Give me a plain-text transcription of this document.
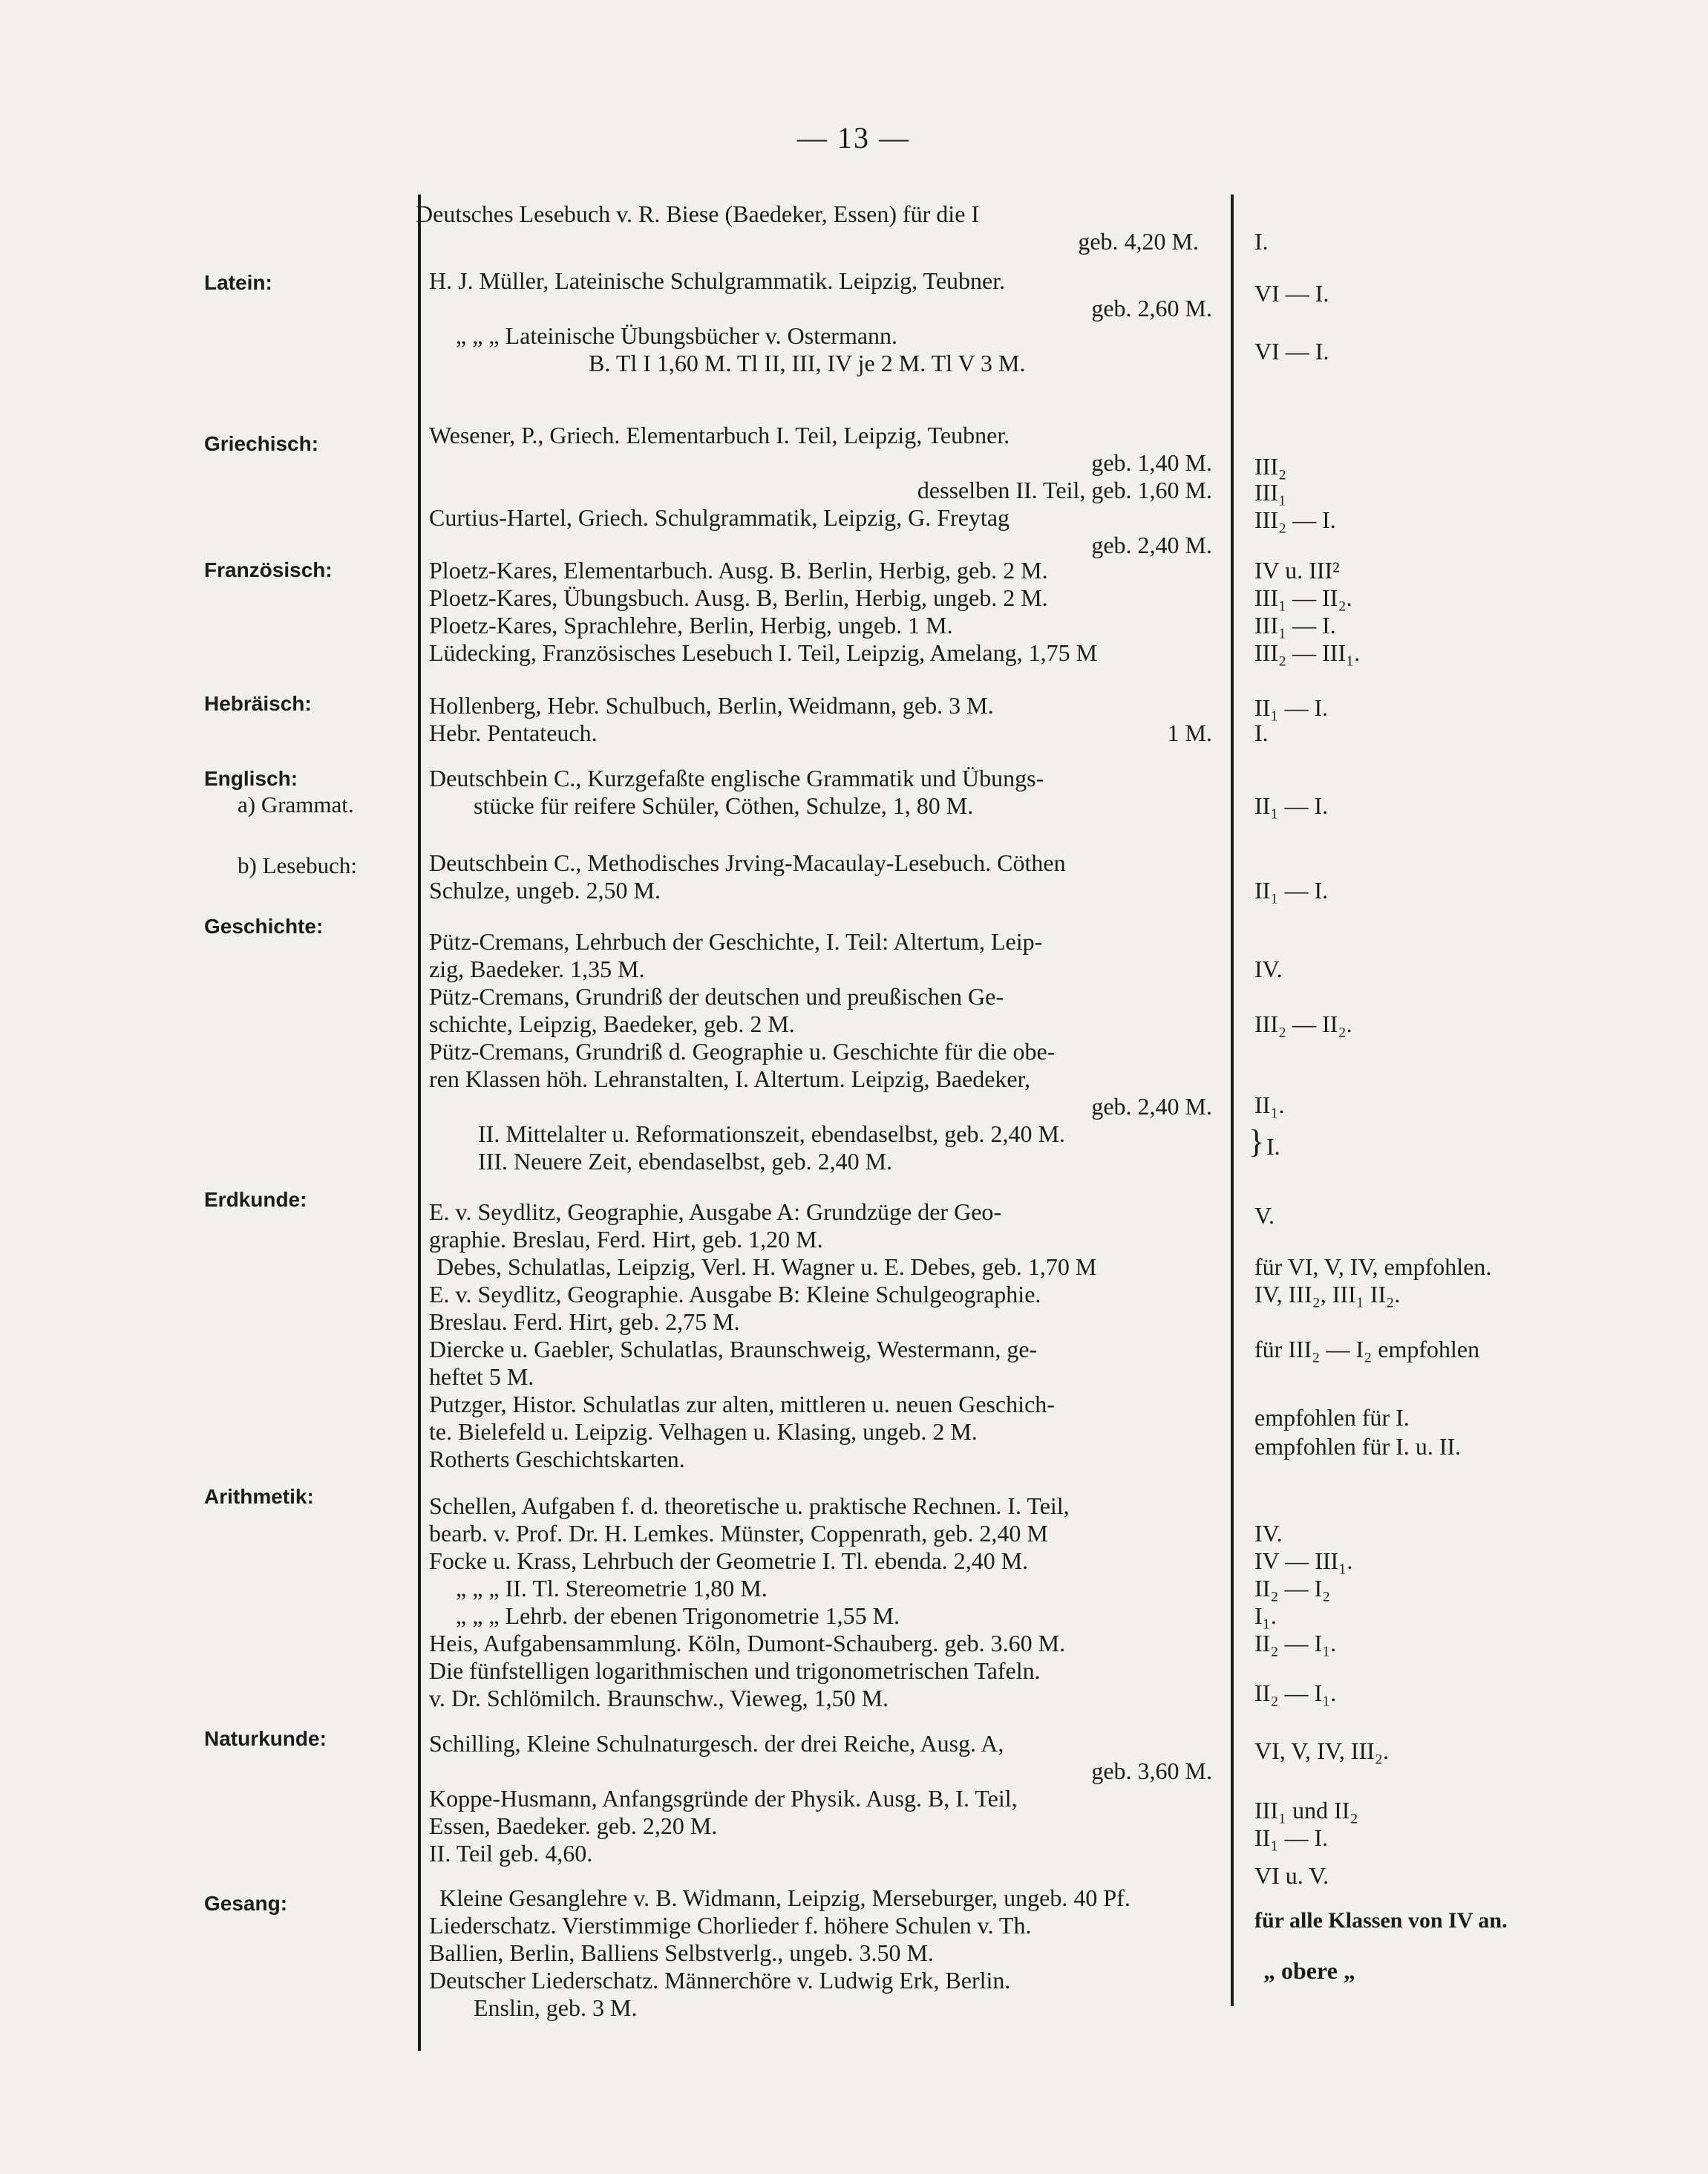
— 13 —
Latein:
Griechisch:
Französisch:
Hebräisch:
Englisch:
a) Grammat.
b) Lesebuch:
Geschichte:
Erdkunde:
Arithmetik:
Naturkunde:
Gesang:
Deutsches Lesebuch v. R. Biese (Baedeker, Essen) für die I
geb. 4,20 M.
H. J. Müller, Lateinische Schulgrammatik. Leipzig, Teubner.
geb. 2,60 M.
„ „ „ Lateinische Übungsbücher v. Ostermann.
B. Tl I 1,60 M. Tl II, III, IV je 2 M. Tl V 3 M.
Wesener, P., Griech. Elementarbuch I. Teil, Leipzig, Teubner.
geb. 1,40 M.
desselben II. Teil, geb. 1,60 M.
Curtius-Hartel, Griech. Schulgrammatik, Leipzig, G. Freytag
geb. 2,40 M.
Ploetz-Kares, Elementarbuch. Ausg. B. Berlin, Herbig, geb. 2 M.
Ploetz-Kares, Übungsbuch. Ausg. B, Berlin, Herbig, ungeb. 2 M.
Ploetz-Kares, Sprachlehre, Berlin, Herbig, ungeb. 1 M.
Lüdecking, Französisches Lesebuch I. Teil, Leipzig, Amelang, 1,75 M
Hollenberg, Hebr. Schulbuch, Berlin, Weidmann, geb. 3 M.
Hebr. Pentateuch.	1 M.
Deutschbein C., Kurzgefaßte englische Grammatik und Übungs-
stücke für reifere Schüler, Cöthen, Schulze, 1, 80 M.
Deutschbein C., Methodisches Jrving-Macaulay-Lesebuch. Cöthen
Schulze, ungeb. 2,50 M.
Pütz-Cremans, Lehrbuch der Geschichte, I. Teil: Altertum, Leip-
zig, Baedeker. 1,35 M.
Pütz-Cremans, Grundriß der deutschen und preußischen Ge-
schichte, Leipzig, Baedeker, geb. 2 M.
Pütz-Cremans, Grundriß d. Geographie u. Geschichte für die obe-
ren Klassen höh. Lehranstalten, I. Altertum. Leipzig, Baedeker,
geb. 2,40 M.
II. Mittelalter u. Reformationszeit, ebendaselbst, geb. 2,40 M.
III. Neuere Zeit, ebendaselbst, geb. 2,40 M.
E. v. Seydlitz, Geographie, Ausgabe A: Grundzüge der Geo-
graphie. Breslau, Ferd. Hirt, geb. 1,20 M.
Debes, Schulatlas, Leipzig, Verl. H. Wagner u. E. Debes, geb. 1,70 M
E. v. Seydlitz, Geographie. Ausgabe B: Kleine Schulgeographie.
Breslau. Ferd. Hirt, geb. 2,75 M.
Diercke u. Gaebler, Schulatlas, Braunschweig, Westermann, ge-
heftet 5 M.
Putzger, Histor. Schulatlas zur alten, mittleren u. neuen Geschich-
te. Bielefeld u. Leipzig. Velhagen u. Klasing, ungeb. 2 M.
Rotherts Geschichtskarten.
Schellen, Aufgaben f. d. theoretische u. praktische Rechnen. I. Teil,
bearb. v. Prof. Dr. H. Lemkes. Münster, Coppenrath, geb. 2,40 M
Focke u. Krass, Lehrbuch der Geometrie I. Tl. ebenda. 2,40 M.
„ „ „ II. Tl. Stereometrie 1,80 M.
„ „ „ Lehrb. der ebenen Trigonometrie 1,55 M.
Heis, Aufgabensammlung. Köln, Dumont-Schauberg. geb. 3.60 M.
Die fünfstelligen logarithmischen und trigonometrischen Tafeln.
v. Dr. Schlömilch. Braunschw., Vieweg, 1,50 M.
Schilling, Kleine Schulnaturgesch. der drei Reiche, Ausg. A,
geb. 3,60 M.
Koppe-Husmann, Anfangsgründe der Physik. Ausg. B, I. Teil,
Essen, Baedeker. geb. 2,20 M.
II. Teil geb. 4,60.
Kleine Gesanglehre v. B. Widmann, Leipzig, Merseburger, ungeb. 40 Pf.
Liederschatz. Vierstimmige Chorlieder f. höhere Schulen v. Th.
Ballien, Berlin, Balliens Selbstverlg., ungeb. 3.50 M.
Deutscher Liederschatz. Männerchöre v. Ludwig Erk, Berlin.
Enslin, geb. 3 M.
I.
VI — I.
VI — I.
III₂
III₁
III₂ — I.
IV u. III²
III₁ — II₂.
III₁ — I.
III₂ — III₁.
II₁ — I.
I.
II₁ — I.
II₁ — I.
IV.
III₂ — II₂.
II₁.
} I.
V.
für VI, V, IV, empfohlen.
IV, III₂, III₁ II₂.
für III₂ — I₂ empfohlen
empfohlen für I.
empfohlen für I. u. II.
IV.
IV — III₁.
II₂ — I₂
I₁.
II₂ — I₁.
II₂ — I₁.
VI, V, IV, III₂.
III₁ und II₂
II₁ — I.
VI u. V.
für alle Klassen von IV an.
„ obere „
